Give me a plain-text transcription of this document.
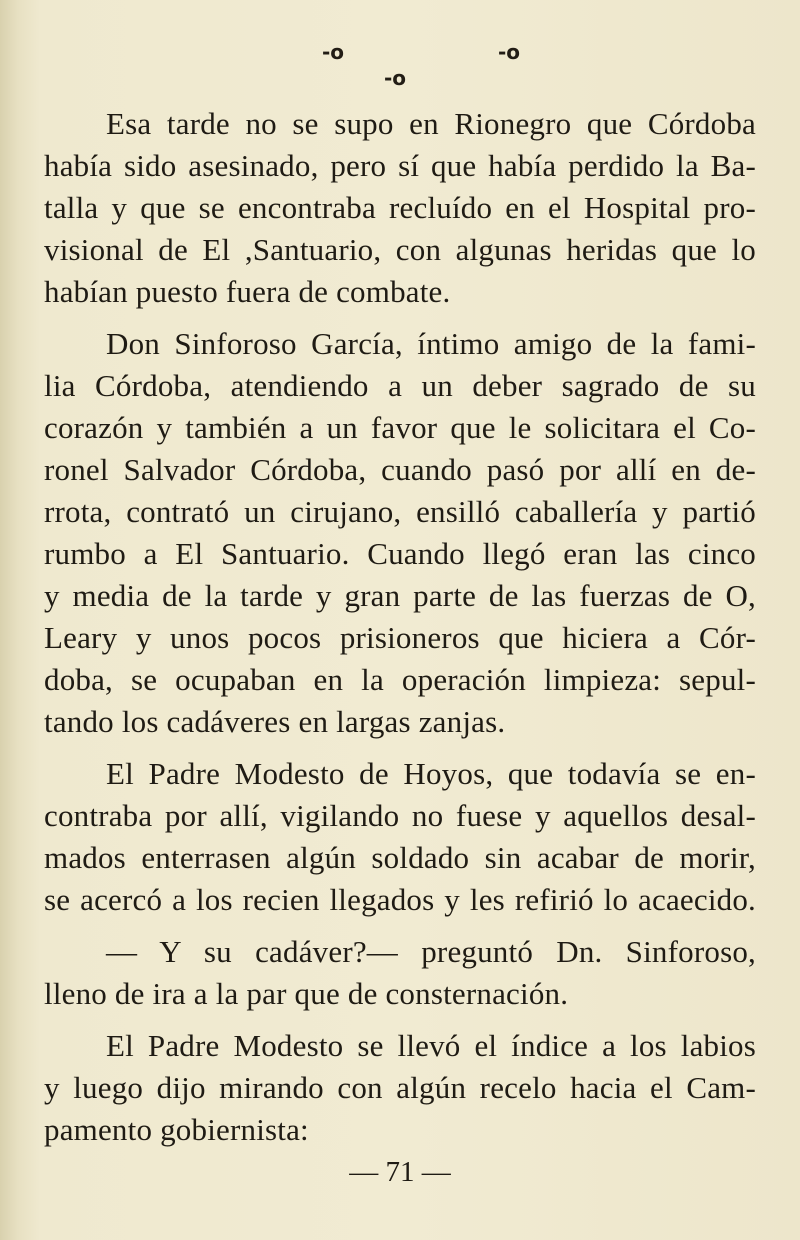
-o  -o
-o
Esa tarde no se supo en Rionegro que Córdoba
había sido asesinado, pero sí que había perdido la Ba-
talla y que se encontraba recluído en el Hospital pro-
visional de El ,Santuario, con algunas heridas que lo
habían puesto fuera de combate.
Don Sinforoso García, íntimo amigo de la fami-
lia Córdoba, atendiendo a un deber sagrado de su
corazón y también a un favor que le solicitara el Co-
ronel Salvador Córdoba, cuando pasó por allí en de-
rrota, contrató un cirujano, ensilló caballería y partió
rumbo a El Santuario. Cuando llegó eran las cinco
y media de la tarde y gran parte de las fuerzas de O,
Leary y unos pocos prisioneros que hiciera a Cór-
doba, se ocupaban en la operación limpieza: sepul-
tando los cadáveres en largas zanjas.
El Padre Modesto de Hoyos, que todavía se en-
contraba por allí, vigilando no fuese y aquellos desal-
mados enterrasen algún soldado sin acabar de morir,
se acercó a los recien llegados y les refirió lo acaecido.
— Y su cadáver?— preguntó Dn. Sinforoso,
lleno de ira a la par que de consternación.
El Padre Modesto se llevó el índice a los labios
y luego dijo mirando con algún recelo hacia el Cam-
pamento gobiernista:
— 71 —
